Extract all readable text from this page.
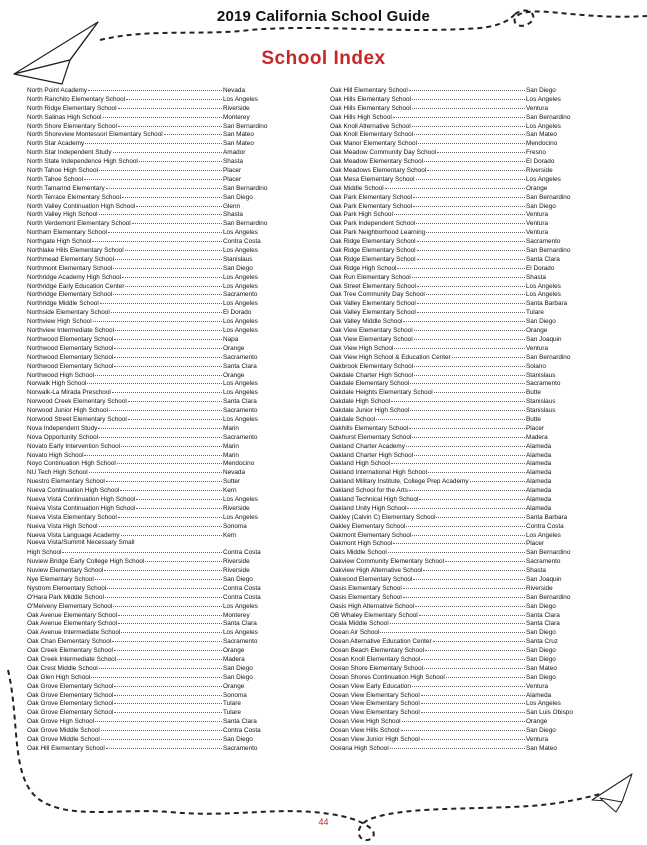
2019 California School Guide
School Index
North Point Academy	Nevada
North Ranchito Elementary School	Los Angeles
North Ridge Elementary School	Riverside
North Salinas High School	Monterey
North Shore Elementary School	San Bernardino
North Shoreview Montessori Elementary School	San Mateo
North Star Academy	San Mateo
North Star Independent Study	Amador
North State Independence High School	Shasta
North Tahoe High School	Placer
North Tahoe School	Placer
North Tamarind Elementary	San Bernardino
North Terrace Elementary School	San Diego
North Valley Continuation High School	Glenn
North Valley High School	Shasta
North Verdemont Elementary School	San Bernardino
Northam Elementary School	Los Angeles
Northgate High School	Contra Costa
Northlake Hills Elementary School	Los Angeles
Northmead Elementary School	Stanislaus
Northmont Elementary School	San Diego
Northridge Academy High School	Los Angeles
Northridge Early Education Center	Los Angeles
Northridge Elementary School	Sacramento
Northridge Middle School	Los Angeles
Northside Elementary School	El Dorado
Northview High School	Los Angeles
Northview Intermediate School	Los Angeles
Northwood Elementary School	Napa
Northwood Elementary School	Orange
Northwood Elementary School	Sacramento
Northwood Elementary School	Santa Clara
Northwood High School	Orange
Norwalk High School	Los Angeles
Norwalk-La Mirada Preschool	Los Angeles
Norwood Creek Elementary School	Santa Clara
Norwood Junior High School	Sacramento
Norwood Street Elementary School	Los Angeles
Nova Independent Study	Marin
Nova Opportunity School	Sacramento
Novato Early Intervention School	Marin
Novato High School	Marin
Noyo Continuation High School	Mendocino
NU Tech High School	Nevada
Nuestro Elementary School	Sutter
Nueva Continuation High School	Kern
Nueva Vista Continuation High School	Los Angeles
Nueva Vista Continuation High School	Riverside
Nueva Vista Elementary School	Los Angeles
Nueva Vista High School	Sonoma
Nueva Vista Language Academy	Kern
Nueva Vista/Summit Necessary Small
High School	Contra Costa
Nuview Bridge Early College High School	Riverside
Nuview Elementary School	Riverside
Nye Elementary School	San Diego
Nystrom Elementary School	Contra Costa
O'Hara Park Middle School	Contra Costa
O'Melveny Elementary School	Los Angeles
Oak Avenue Elementary School	Monterey
Oak Avenue Elementary School	Santa Clara
Oak Avenue Intermediate School	Los Angeles
Oak Chan Elementary School	Sacramento
Oak Creek Elementary School	Orange
Oak Creek Intermediate School	Madera
Oak Crest Middle School	San Diego
Oak Glen High School	San Diego
Oak Grove Elementary School	Orange
Oak Grove Elementary School	Sonoma
Oak Grove Elementary School	Tulare
Oak Grove Elementary School	Tulare
Oak Grove High School	Santa Clara
Oak Grove Middle School	Contra Costa
Oak Grove Middle School	San Diego
Oak Hill Elementary School	Sacramento
Oak Hill Elementary School	San Diego
Oak Hills Elementary School	Los Angeles
Oak Hills Elementary School	Ventura
Oak Hills High School	San Bernardino
Oak Knoll Alternative School	Los Angeles
Oak Knoll Elementary School	San Mateo
Oak Manor Elementary School	Mendocino
Oak Meadow Community Day School	Fresno
Oak Meadow Elementary School	El Dorado
Oak Meadows Elementary School	Riverside
Oak Mesa Elementary School	Los Angeles
Oak Middle School	Orange
Oak Park Elementary School	San Bernardino
Oak Park Elementary School	San Diego
Oak Park High School	Ventura
Oak Park Independent School	Ventura
Oak Park Neighborhood Learning	Ventura
Oak Ridge Elementary School	Sacramento
Oak Ridge Elementary School	San Bernardino
Oak Ridge Elementary School	Santa Clara
Oak Ridge High School	El Dorado
Oak Run Elementary School	Shasta
Oak Street Elementary School	Los Angeles
Oak Tree Community Day School	Los Angeles
Oak Valley Elementary School	Santa Barbara
Oak Valley Elementary School	Tulare
Oak Valley Middle School	San Diego
Oak View Elementary School	Orange
Oak View Elementary School	San Joaquin
Oak View High School	Ventura
Oak View High School & Education Center	San Bernardino
Oakbrook Elementary School	Solano
Oakdale Charter High School	Stanislaus
Oakdale Elementary School	Sacramento
Oakdale Heights Elementary School	Butte
Oakdale High School	Stanislaus
Oakdale Junior High School	Stanislaus
Oakdale School	Butte
Oakhills Elementary School	Placer
Oakhurst Elementary School	Madera
Oakland Charter Academy	Alameda
Oakland Charter High School	Alameda
Oakland High School	Alameda
Oakland International High School	Alameda
Oakland Military Institute, College Prep Academy	Alameda
Oakland School for the Arts	Alameda
Oakland Technical High School	Alameda
Oakland Unity High School	Alameda
Oakley (Calvin C) Elementary School	Santa Barbara
Oakley Elementary School	Contra Costa
Oakmont Elementary School	Los Angeles
Oakmont High School	Placer
Oaks Middle School	San Bernardino
Oakview Community Elementary School	Sacramento
Oakview High Alternative School	Shasta
Oakwood Elementary School	San Joaquin
Oasis Elementary School	Riverside
Oasis Elementary School	San Bernardino
Oasis High Alternative School	San Diego
OB Whaley Elementary School	Santa Clara
Ocala Middle School	Santa Clara
Ocean Air School	San Diego
Ocean Alternative Education Center	Santa Cruz
Ocean Beach Elementary School	San Diego
Ocean Knoll Elementary School	San Diego
Ocean Shore Elementary School	San Mateo
Ocean Shores Continuation High School	San Diego
Ocean View Early Education	Ventura
Ocean View Elementary School	Alameda
Ocean View Elementary School	Los Angeles
Ocean View Elementary School	San Luis Obispo
Ocean View High School	Orange
Ocean View Hills School	San Diego
Ocean View Junior High School	Ventura
Oceana High School	San Mateo
44
